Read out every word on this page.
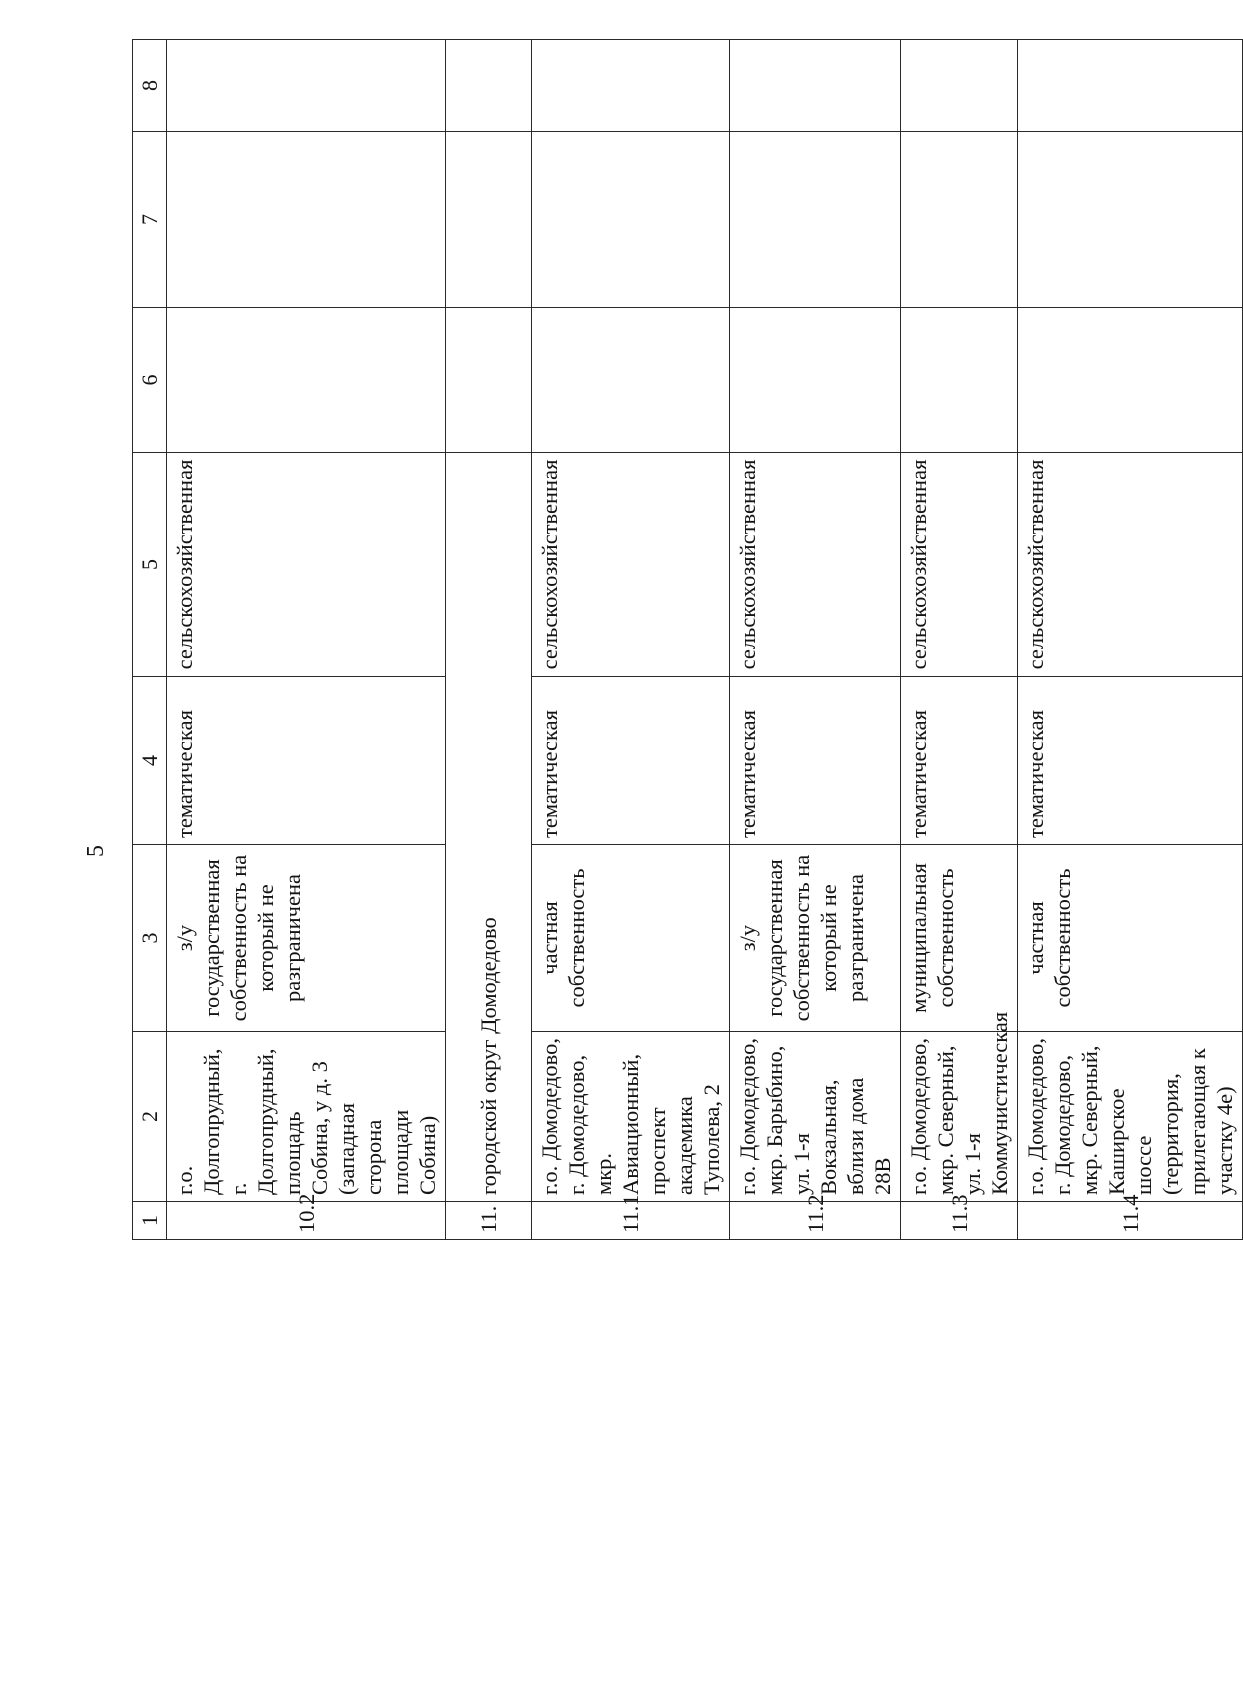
5
1	2	3	4	5	6	7	8
10.2	г.о. Долгопрудный, г. Долгопрудный, площадь Собина, у д. 3 (западная сторона площади Собина)	з/у государственная собственность на который не разграничена	тематическая	сельскохозяйственная			
11.	городской округ Домодедово						
11.1	г.о. Домодедово, г. Домодедово, мкр. Авиационный, проспект академика Туполева, 2	частная собственность	тематическая	сельскохозяйственная			
11.2	г.о. Домодедово, мкр. Барыбино, ул. 1-я Вокзальная, вблизи дома 28В	з/у государственная собственность на который не разграничена	тематическая	сельскохозяйственная			
11.3	г.о. Домодедово, мкр. Северный, ул. 1-я Коммунистическая	муниципальная собственность	тематическая	сельскохозяйственная			
11.4	г.о. Домодедово, г. Домодедово, мкр. Северный, Каширское шоссе (территория, прилегающая к участку 4е)	частная собственность	тематическая	сельскохозяйственная			
